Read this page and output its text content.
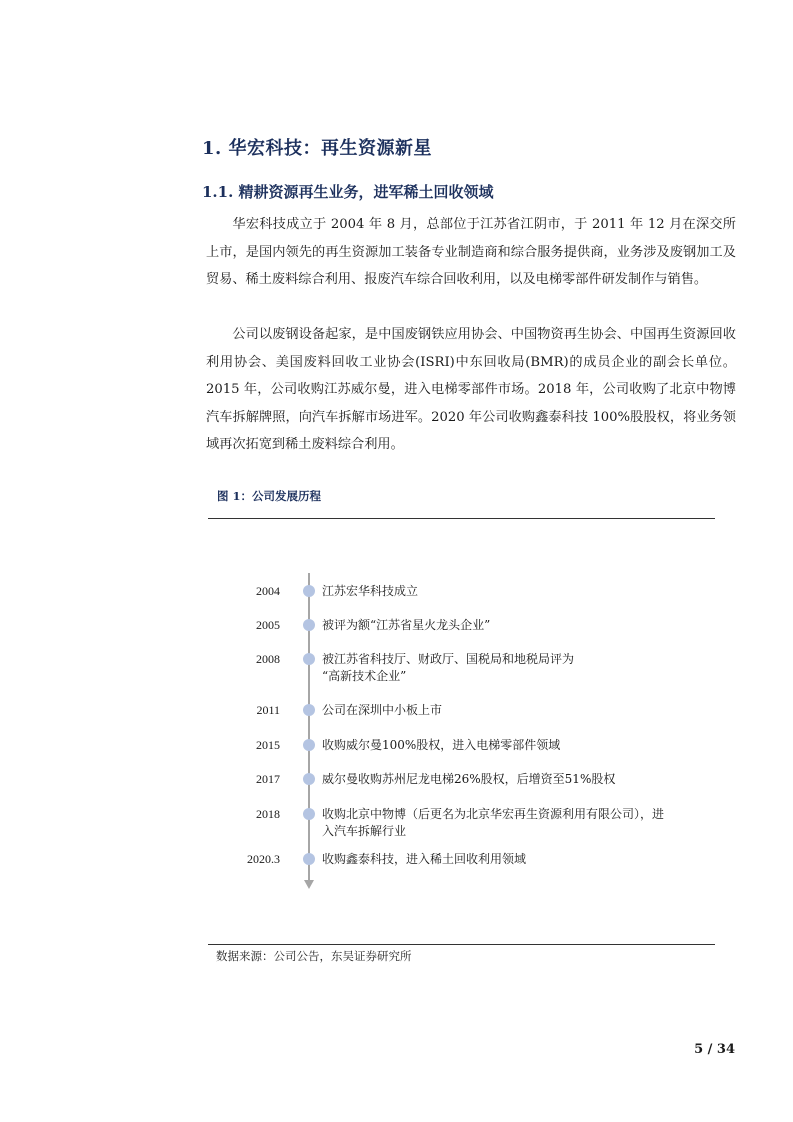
1. 华宏科技：再生资源新星
1.1. 精耕资源再生业务，进军稀土回收领域

华宏科技成立于 2004 年 8 月，总部位于江苏省江阴市，于 2011 年 12 月在深交所上市，是国内领先的再生资源加工装备专业制造商和综合服务提供商，业务涉及废钢加工及贸易、稀土废料综合利用、报废汽车综合回收利用，以及电梯零部件研发制作与销售。

公司以废钢设备起家，是中国废钢铁应用协会、中国物资再生协会、中国再生资源回收利用协会、美国废料回收工业协会(ISRI)中东回收局(BMR)的成员企业的副会长单位。2015 年，公司收购江苏威尔曼，进入电梯零部件市场。2018 年，公司收购了北京中物博汽车拆解牌照，向汽车拆解市场进军。2020 年公司收购鑫泰科技 100%股股权，将业务领域再次拓宽到稀土废料综合利用。

图 1：公司发展历程
2004	江苏宏华科技成立
2005	被评为额“江苏省星火龙头企业”
2008	被江苏省科技厅、财政厅、国税局和地税局评为
“高新技术企业”
2011	公司在深圳中小板上市
2015	收购威尔曼100%股权，进入电梯零部件领域
2017	威尔曼收购苏州尼龙电梯26%股权，后增资至51%股权
2018	收购北京中物博（后更名为北京华宏再生资源利用有限公司），进
入汽车拆解行业
2020.3	收购鑫泰科技，进入稀土回收利用领域
数据来源：公司公告，东吴证券研究所
5 / 34
